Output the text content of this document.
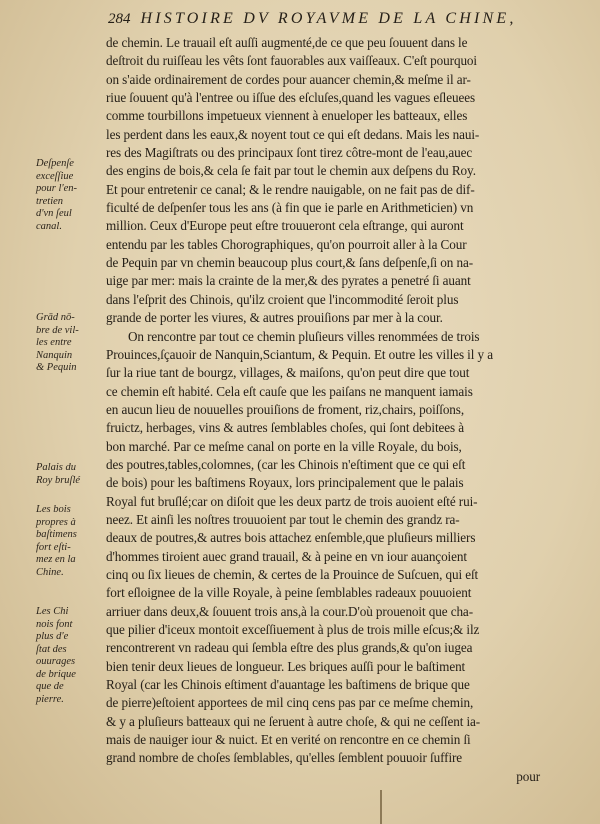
284 HISTOIRE DV ROYAVME DE LA CHINE,
Deſpenſe
exceſſiue
pour l'en-
tretien
d'vn ſeul
canal.
Grād nō-
bre de vil-
les entre
Nanquin
& Pequin
Palais du
Roy bruſlé
Les bois
propres à
baſtimens
fort eſti-
mez en la
Chine.
Les Chi
nois font
plus d'e
ſtat des
ouurages
de brique
que de
pierre.
de chemin. Le trauail eſt auſſi augmenté,de ce que peu ſouuent dans le
deſtroit du ruiſſeau les vêts ſont fauorables aux vaiſſeaux. C'eſt pourquoi
on s'aide ordinairement de cordes pour auancer chemin,& meſme il ar-
riue ſouuent qu'à l'entree ou iſſue des eſcluſes,quand les vagues eſleuees
comme tourbillons impetueux viennent à enueloper les batteaux, elles
les perdent dans les eaux,& noyent tout ce qui eſt dedans. Mais les naui-
res des Magiſtrats ou des principaux ſont tirez côtre-mont de l'eau,auec
des engins de bois,& cela ſe fait par tout le chemin aux deſpens du Roy.
Et pour entretenir ce canal; & le rendre nauigable, on ne fait pas de dif-
ficulté de deſpenſer tous les ans (à fin que ie parle en Arithmeticien) vn
million. Ceux d'Europe peut eſtre trouueront cela eſtrange, qui auront
entendu par les tables Chorographiques, qu'on pourroit aller à la Cour
de Pequin par vn chemin beaucoup plus court,& ſans deſpenſe,ſi on na-
uige par mer: mais la crainte de la mer,& des pyrates a penetré ſi auant
dans l'eſprit des Chinois, qu'ilz croient que l'incommodité ſeroit plus
grande de porter les viures, & autres prouiſions par mer à la cour.
On rencontre par tout ce chemin pluſieurs villes renommées de trois
Prouinces,ſçauoir de Nanquin,Sciantum, & Pequin. Et outre les villes il y a
ſur la riue tant de bourgz, villages, & maiſons, qu'on peut dire que tout
ce chemin eſt habité. Cela eſt cauſe que les paiſans ne manquent iamais
en aucun lieu de nouuelles prouiſions de froment, riz,chairs, poiſſons,
fruictz, herbages, vins & autres ſemblables choſes, qui ſont debitees à
bon marché. Par ce meſme canal on porte en la ville Royale, du bois,
des poutres,tables,colomnes, (car les Chinois n'eſtiment que ce qui eſt
de bois) pour les baſtimens Royaux, lors principalement que le palais
Royal fut bruſlé;car on diſoit que les deux partz de trois auoient eſté rui-
neez. Et ainſi les noſtres trouuoient par tout le chemin des grandz ra-
deaux de poutres,& autres bois attachez enſemble,que pluſieurs milliers
d'hommes tiroient auec grand trauail, & à peine en vn iour auançoient
cinq ou ſix lieues de chemin, & certes de la Prouince de Suſcuen, qui eſt
fort eſloignee de la ville Royale, à peine ſemblables radeaux pouuoient
arriuer dans deux,& ſouuent trois ans,à la cour.D'où prouenoit que cha-
que pilier d'iceux montoit exceſſiuement à plus de trois mille eſcus;& ilz
rencontrerent vn radeau qui ſembla eſtre des plus grands,& qu'on iugea
bien tenir deux lieues de longueur. Les briques auſſi pour le baſtiment
Royal (car les Chinois eſtiment d'auantage les baſtimens de brique que
de pierre)eſtoient apportees de mil cinq cens pas par ce meſme chemin,
& y a pluſieurs batteaux qui ne ſeruent à autre choſe, & qui ne ceſſent ia-
mais de nauiger iour & nuict. Et en verité on rencontre en ce chemin ſi
grand nombre de choſes ſemblables, qu'elles ſemblent pouuoir ſuffire
pour
